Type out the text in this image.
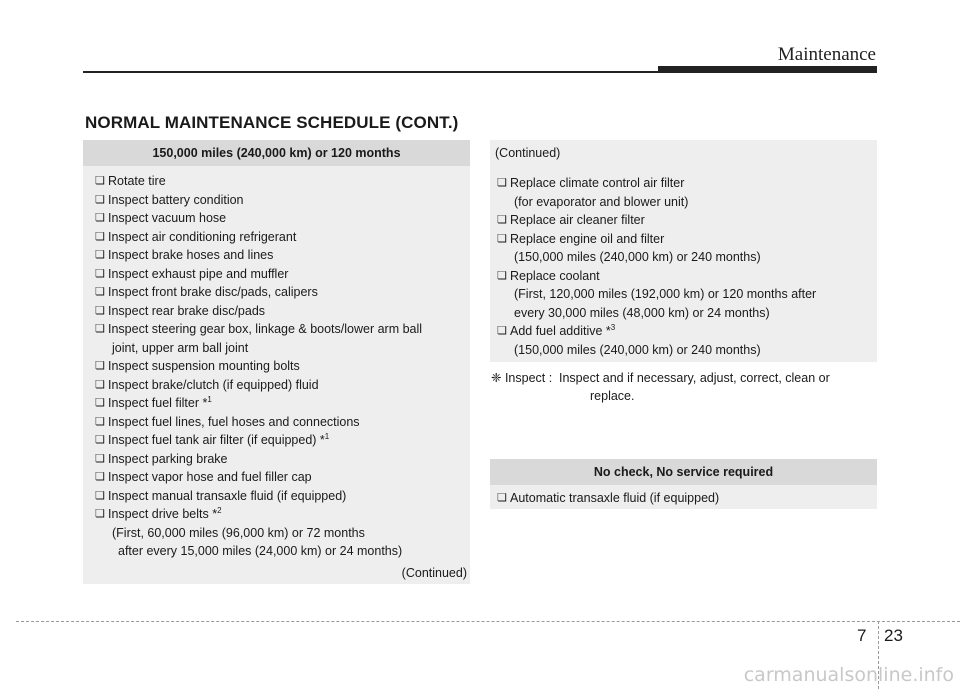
Maintenance
NORMAL MAINTENANCE SCHEDULE (CONT.)
150,000 miles (240,000 km) or 120 months
❏ Rotate tire
❏ Inspect battery condition
❏ Inspect vacuum hose
❏ Inspect air conditioning refrigerant
❏ Inspect brake hoses and lines
❏ Inspect exhaust pipe and muffler
❏ Inspect front brake disc/pads, calipers
❏ Inspect rear brake disc/pads
❏ Inspect steering gear box, linkage & boots/lower arm ball
joint, upper arm ball joint
❏ Inspect suspension mounting bolts
❏ Inspect brake/clutch (if equipped) fluid
❏ Inspect fuel filter *$^1$
❏ Inspect fuel lines, fuel hoses and connections
❏ Inspect fuel tank air filter (if equipped) *$^1$
❏ Inspect parking brake
❏ Inspect vapor hose and fuel filler cap
❏ Inspect manual transaxle fluid (if equipped)
❏ Inspect drive belts *$^2$
(First, 60,000 miles (96,000 km) or 72 months
after every 15,000 miles (24,000 km) or 24 months)
(Continued)
(Continued)
❏ Replace climate control air filter
(for evaporator and blower unit)
❏ Replace air cleaner filter
❏ Replace engine oil and filter
(150,000 miles (240,000 km) or 240 months)
❏ Replace coolant
(First, 120,000 miles (192,000 km) or 120 months after
every 30,000 miles (48,000 km) or 24 months)
❏ Add fuel additive *$^3$
(150,000 miles (240,000 km) or 240 months)
❈ Inspect : Inspect and if necessary, adjust, correct, clean or
replace.
No check, No service required
❏ Automatic transaxle fluid (if equipped)
7 23
carmanualsonline.info
